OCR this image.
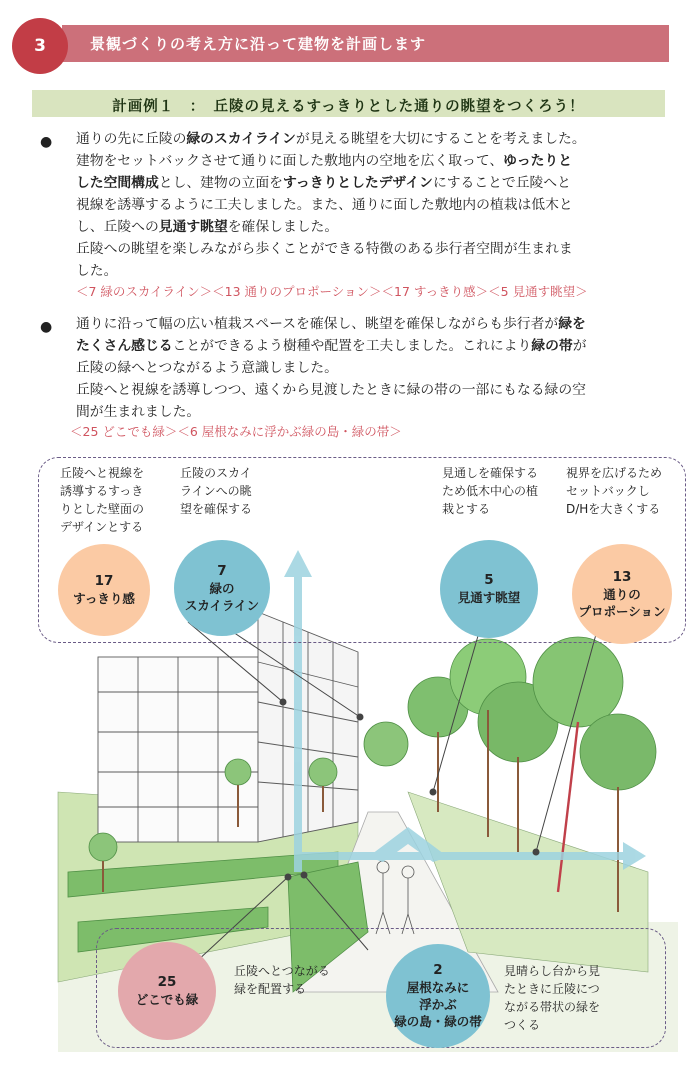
景観づくりの考え方に沿って建物を計画します
3
計画例１　：　丘陵の見えるすっきりとした通りの眺望をつくろう！
● 通りの先に丘陵の緑のスカイラインが見える眺望を大切にすることを考えました。
建物をセットバックさせて通りに面した敷地内の空地を広く取って、ゆったりと
した空間構成とし、建物の立面をすっきりとしたデザインにすることで丘陵へと
視線を誘導するように工夫しました。また、通りに面した敷地内の植栽は低木と
し、丘陵への見通す眺望を確保しました。
丘陵への眺望を楽しみながら歩くことができる特徴のある歩行者空間が生まれま
した。
＜7 緑のスカイライン＞＜13 通りのプロポーション＞＜17 すっきり感＞＜5 見通す眺望＞
● 通りに沿って幅の広い植栽スペースを確保し、眺望を確保しながらも歩行者が緑を
たくさん感じることができるよう樹種や配置を工夫しました。これにより緑の帯が
丘陵の緑へとつながるよう意識しました。
丘陵へと視線を誘導しつつ、遠くから見渡したときに緑の帯の一部にもなる緑の空
間が生まれました。
＜25 どこでも緑＞＜6 屋根なみに浮かぶ緑の島・緑の帯＞
丘陵へと視線を
誘導するすっき
りとした壁面の
デザインとする
丘陵のスカイ
ラインへの眺
望を確保する
見通しを確保する
ため低木中心の植
栽とする
視界を広げるため
セットバックし
D/Hを大きくする
丘陵へとつながる
緑を配置する
見晴らし台から見
たときに丘陵につ
ながる帯状の緑を
つくる
17
すっきり感
7
緑の
スカイライン
5
見通す眺望
13
通りの
プロポーション
25
どこでも緑
2
屋根なみに
浮かぶ
緑の島・緑の帯
